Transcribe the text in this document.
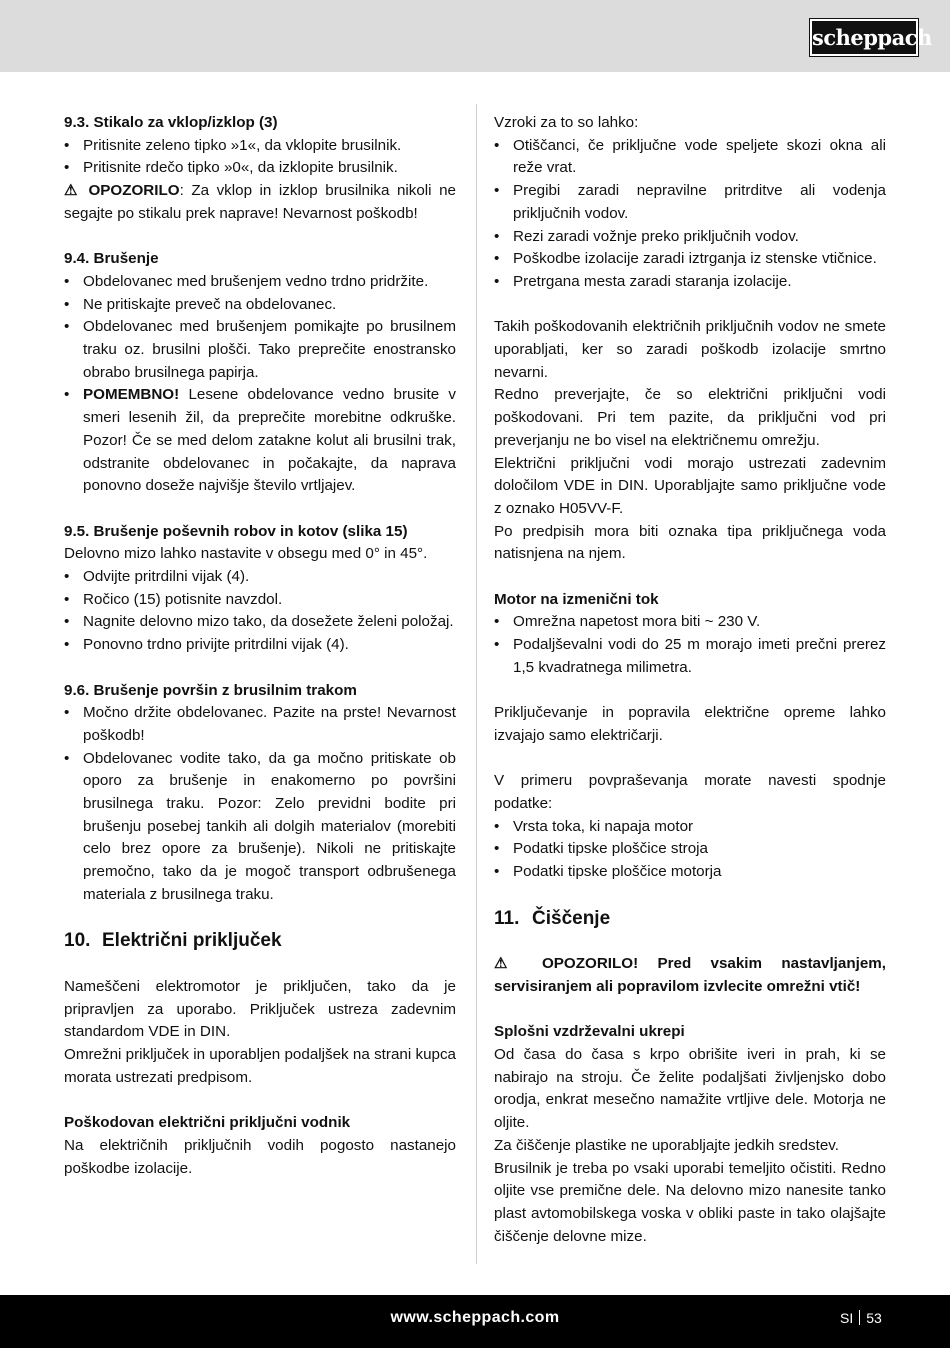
scheppach

9.3. Stikalo za vklop/izklop (3)

• Pritisnite zeleno tipko »1«, da vklopite brusilnik.
• Pritisnite rdečo tipko »0«, da izklopite brusilnik.

⚠ OPOZORILO: Za vklop in izklop brusilnika nikoli ne segajte po stikalu prek naprave! Nevarnost poškodb!

9.4. Brušenje

• Obdelovanec med brušenjem vedno trdno pridržite.
• Ne pritiskajte preveč na obdelovanec.
• Obdelovanec med brušenjem pomikajte po brusilnem traku oz. brusilni plošči. Tako preprečite enostransko obrabo brusilnega papirja.
• POMEMBNO! Lesene obdelovance vedno brusite v smeri lesenih žil, da preprečite morebitne odkruške. Pozor! Če se med delom zatakne kolut ali brusilni trak, odstranite obdelovanec in počakajte, da naprava ponovno doseže najvišje število vrtljajev.

9.5. Brušenje poševnih robov in kotov (slika 15)

Delovno mizo lahko nastavite v obsegu med 0° in 45°.

• Odvijte pritrdilni vijak (4).
• Ročico (15) potisnite navzdol.
• Nagnite delovno mizo tako, da dosežete želeni položaj.
• Ponovno trdno privijte pritrdilni vijak (4).

9.6. Brušenje površin z brusilnim trakom

• Močno držite obdelovanec. Pazite na prste! Nevarnost poškodb!
• Obdelovanec vodite tako, da ga močno pritiskate ob oporo za brušenje in enakomerno po površini brusilnega traku. Pozor: Zelo previdni bodite pri brušenju posebej tankih ali dolgih materialov (morebiti celo brez opore za brušenje). Nikoli ne pritiskajte premočno, tako da je mogoč transport odbrušenega materiala z brusilnega traku.
10. Električni priključek

Nameščeni elektromotor je priključen, tako da je pripravljen za uporabo. Priključek ustreza zadevnim standardom VDE in DIN.

Omrežni priključek in uporabljen podaljšek na strani kupca morata ustrezati predpisom.

Poškodovan električni priključni vodnik

Na električnih priključnih vodih pogosto nastanejo poškodbe izolacije.

Vzroki za to so lahko:

• Otiščanci, če priključne vode speljete skozi okna ali reže vrat.
• Pregibi zaradi nepravilne pritrditve ali vodenja priključnih vodov.
• Rezi zaradi vožnje preko priključnih vodov.
• Poškodbe izolacije zaradi iztrganja iz stenske vtičnice.
• Pretrgana mesta zaradi staranja izolacije.

Takih poškodovanih električnih priključnih vodov ne smete uporabljati, ker so zaradi poškodb izolacije smrtno nevarni.

Redno preverjajte, če so električni priključni vodi poškodovani. Pri tem pazite, da priključni vod pri preverjanju ne bo visel na električnemu omrežju.

Električni priključni vodi morajo ustrezati zadevnim določilom VDE in DIN. Uporabljajte samo priključne vode z oznako H05VV-F.

Po predpisih mora biti oznaka tipa priključnega voda natisnjena na njem.

Motor na izmenični tok

• Omrežna napetost mora biti ~ 230 V.
• Podaljševalni vodi do 25 m morajo imeti prečni prerez 1,5 kvadratnega milimetra.

Priključevanje in popravila električne opreme lahko izvajajo samo električarji.

V primeru povpraševanja morate navesti spodnje podatke:

• Vrsta toka, ki napaja motor
• Podatki tipske ploščice stroja
• Podatki tipske ploščice motorja
11. Čiščenje

⚠ OPOZORILO! Pred vsakim nastavljanjem, servisiranjem ali popravilom izvlecite omrežni vtič!

Splošni vzdrževalni ukrepi

Od časa do časa s krpo obrišite iveri in prah, ki se nabirajo na stroju. Če želite podaljšati življenjsko dobo orodja, enkrat mesečno namažite vrtljive dele. Motorja ne oljite.

Za čiščenje plastike ne uporabljajte jedkih sredstev.

Brusilnik je treba po vsaki uporabi temeljito očistiti. Redno oljite vse premične dele. Na delovno mizo nanesite tanko plast avtomobilskega voska v obliki paste in tako olajšajte čiščenje delovne mize.

www.scheppach.com	SI 53
